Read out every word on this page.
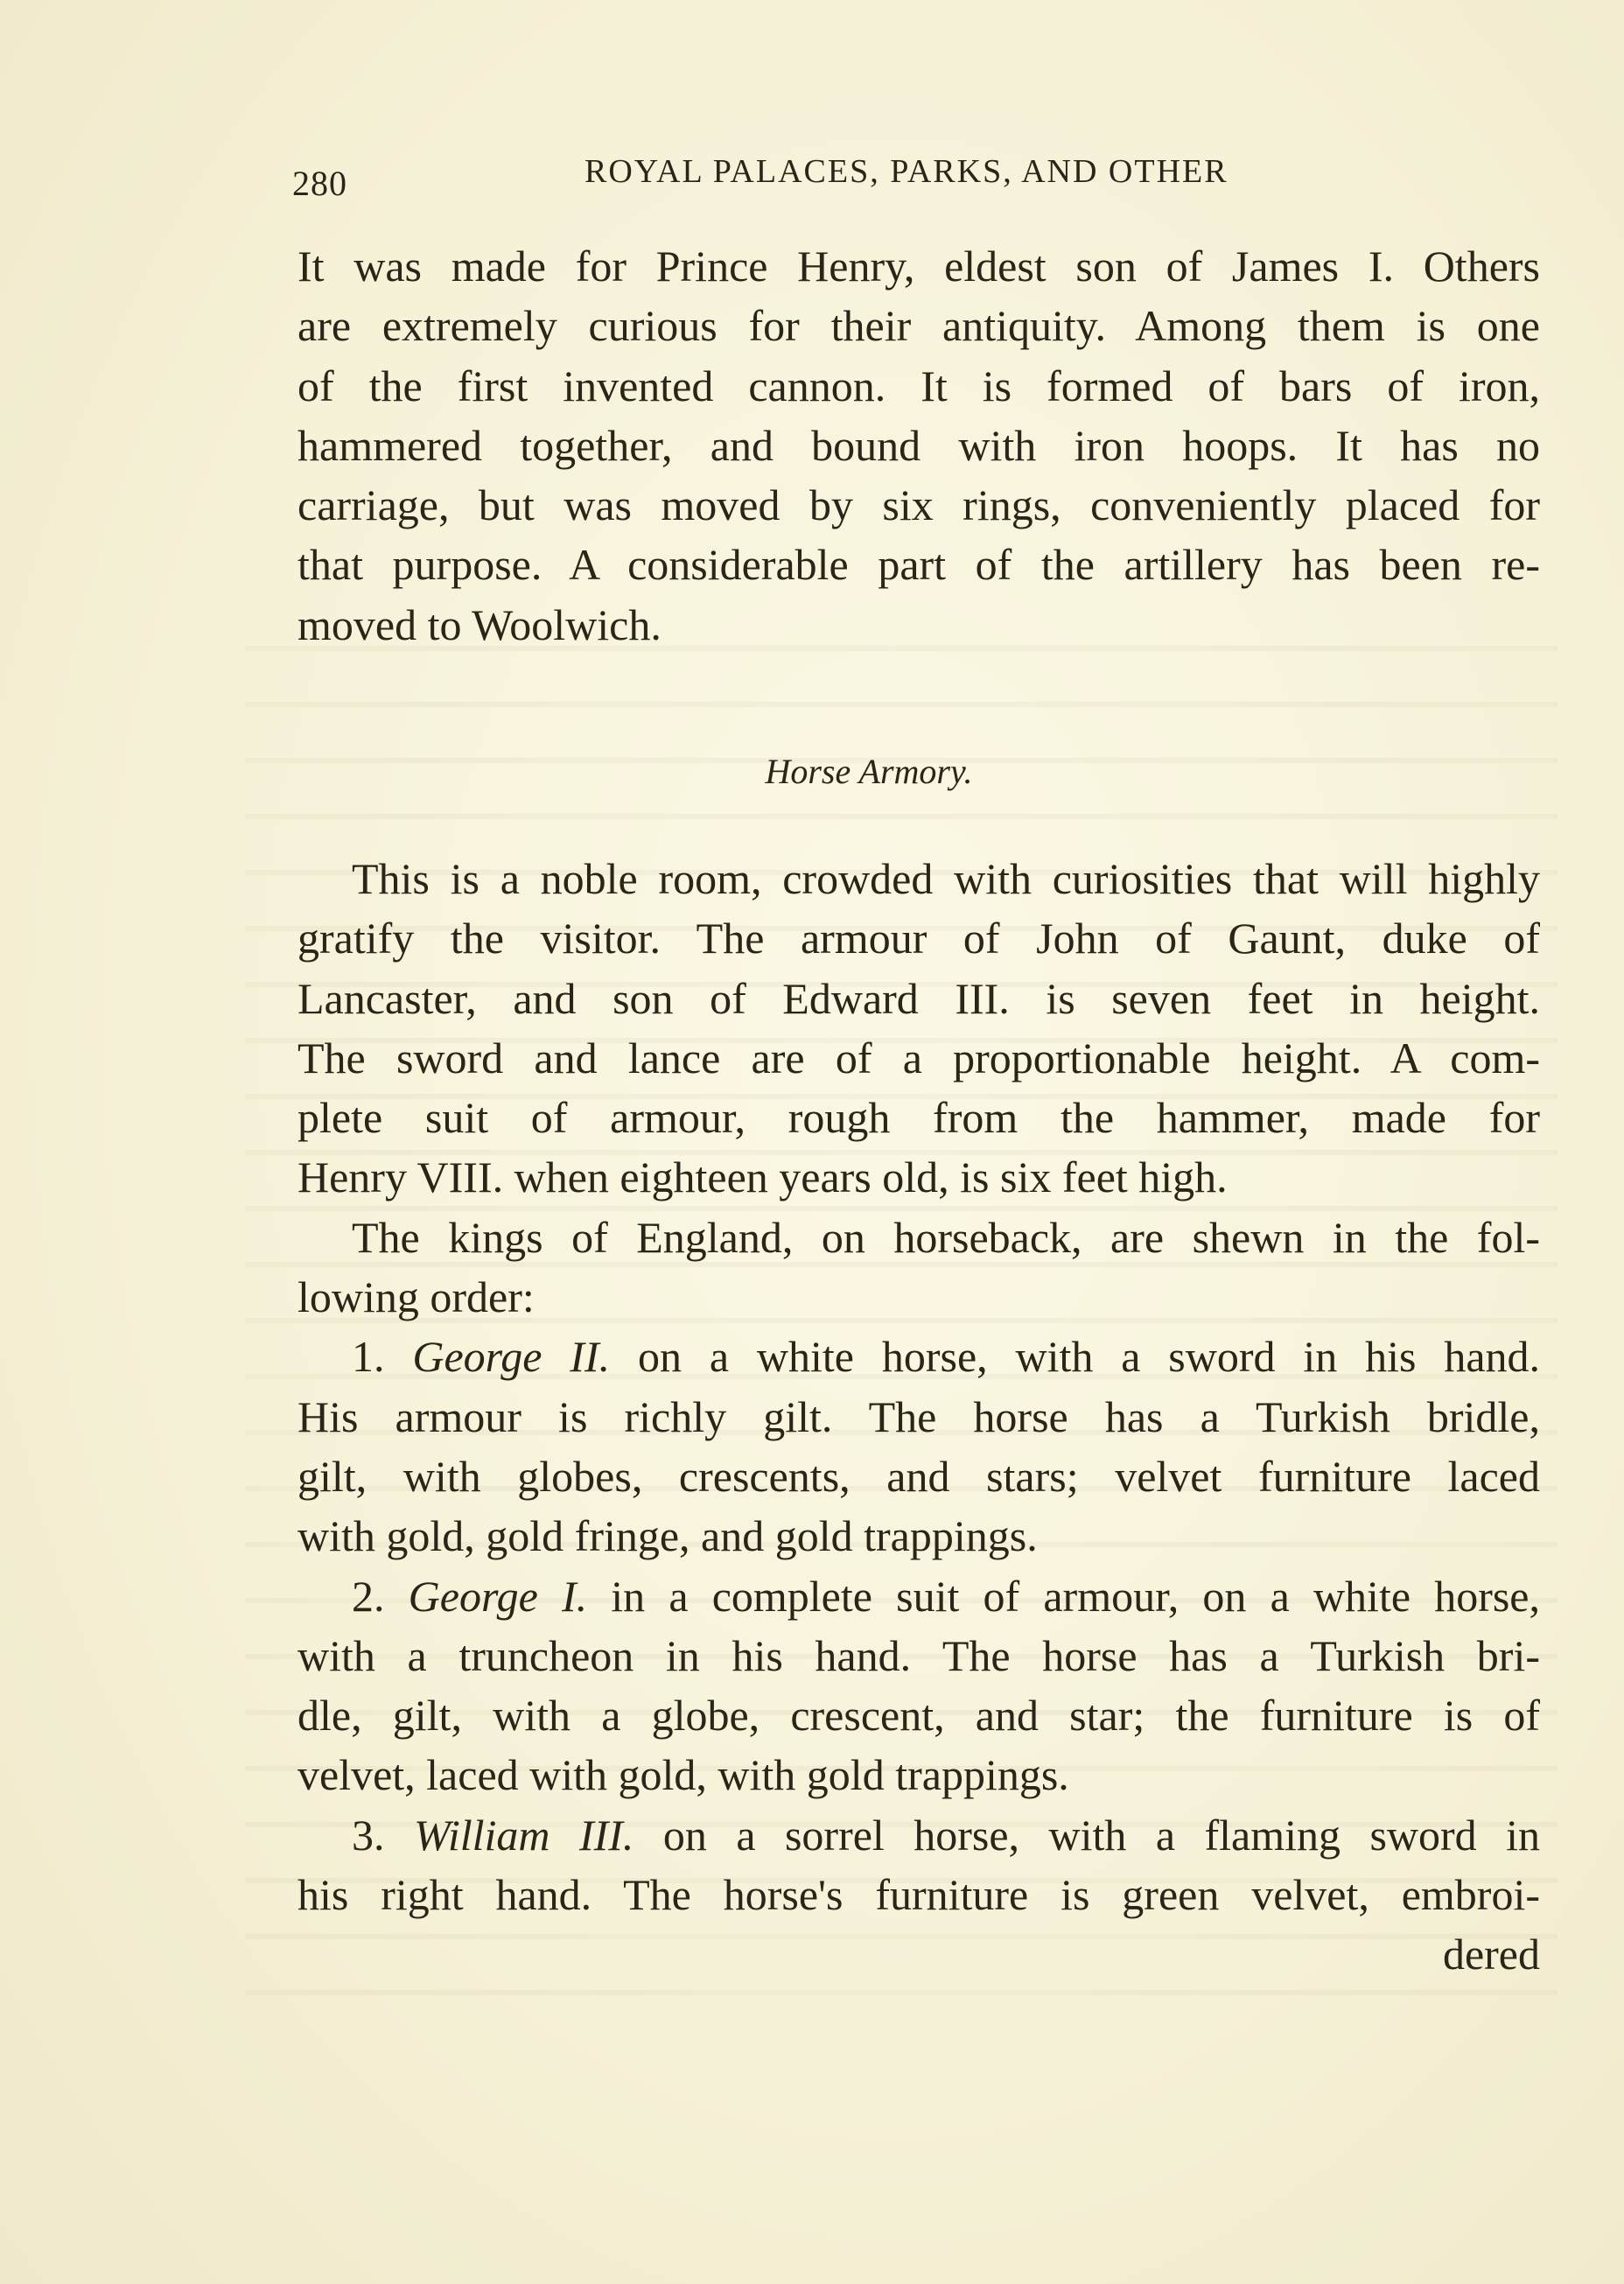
280	ROYAL PALACES, PARKS, AND OTHER
It was made for Prince Henry, eldest son of James I. Others
are extremely curious for their antiquity. Among them is one
of the first invented cannon. It is formed of bars of iron,
hammered together, and bound with iron hoops. It has no
carriage, but was moved by six rings, conveniently placed for
that purpose. A considerable part of the artillery has been re-
moved to Woolwich.
Horse Armory.
This is a noble room, crowded with curiosities that will highly
gratify the visitor. The armour of John of Gaunt, duke of
Lancaster, and son of Edward III. is seven feet in height.
The sword and lance are of a proportionable height. A com-
plete suit of armour, rough from the hammer, made for
Henry VIII. when eighteen years old, is six feet high.
The kings of England, on horseback, are shewn in the fol-
lowing order:
1. George II. on a white horse, with a sword in his hand.
His armour is richly gilt. The horse has a Turkish bridle,
gilt, with globes, crescents, and stars; velvet furniture laced
with gold, gold fringe, and gold trappings.
2. George I. in a complete suit of armour, on a white horse,
with a truncheon in his hand. The horse has a Turkish bri-
dle, gilt, with a globe, crescent, and star; the furniture is of
velvet, laced with gold, with gold trappings.
3. William III. on a sorrel horse, with a flaming sword in
his right hand. The horse's furniture is green velvet, embroi-
dered
